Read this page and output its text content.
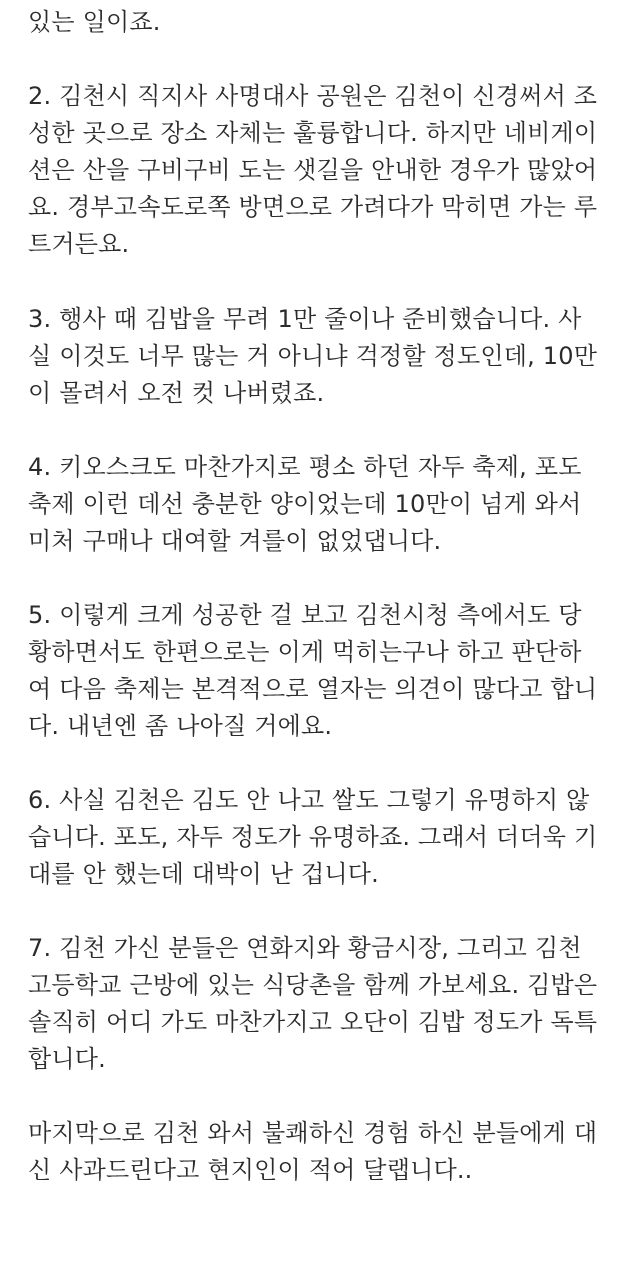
있는 일이죠.

2. 김천시 직지사 사명대사 공원은 김천이 신경써서 조
성한 곳으로 장소 자체는 훌륭합니다. 하지만 네비게이
션은 산을 구비구비 도는 샛길을 안내한 경우가 많았어
요. 경부고속도로쪽 방면으로 가려다가 막히면 가는 루
트거든요.

3. 행사 때 김밥을 무려 1만 줄이나 준비했습니다. 사
실 이것도 너무 많는 거 아니냐 걱정할 정도인데, 10만
이 몰려서 오전 컷 나버렸죠.

4. 키오스크도 마찬가지로 평소 하던 자두 축제, 포도
축제 이런 데선 충분한 양이었는데 10만이 넘게 와서
미처 구매나 대여할 겨를이 없었댑니다.

5. 이렇게 크게 성공한 걸 보고 김천시청 측에서도 당
황하면서도 한편으로는 이게 먹히는구나 하고 판단하
여 다음 축제는 본격적으로 열자는 의견이 많다고 합니
다. 내년엔 좀 나아질 거에요.

6. 사실 김천은 김도 안 나고 쌀도 그렇기 유명하지 않
습니다. 포도, 자두 정도가 유명하죠. 그래서 더더욱 기
대를 안 했는데 대박이 난 겁니다.

7. 김천 가신 분들은 연화지와 황금시장, 그리고 김천
고등학교 근방에 있는 식당촌을 함께 가보세요. 김밥은
솔직히 어디 가도 마찬가지고 오단이 김밥 정도가 독특
합니다.

마지막으로 김천 와서 불쾌하신 경험 하신 분들에게 대
신 사과드린다고 현지인이 적어 달랩니다..
